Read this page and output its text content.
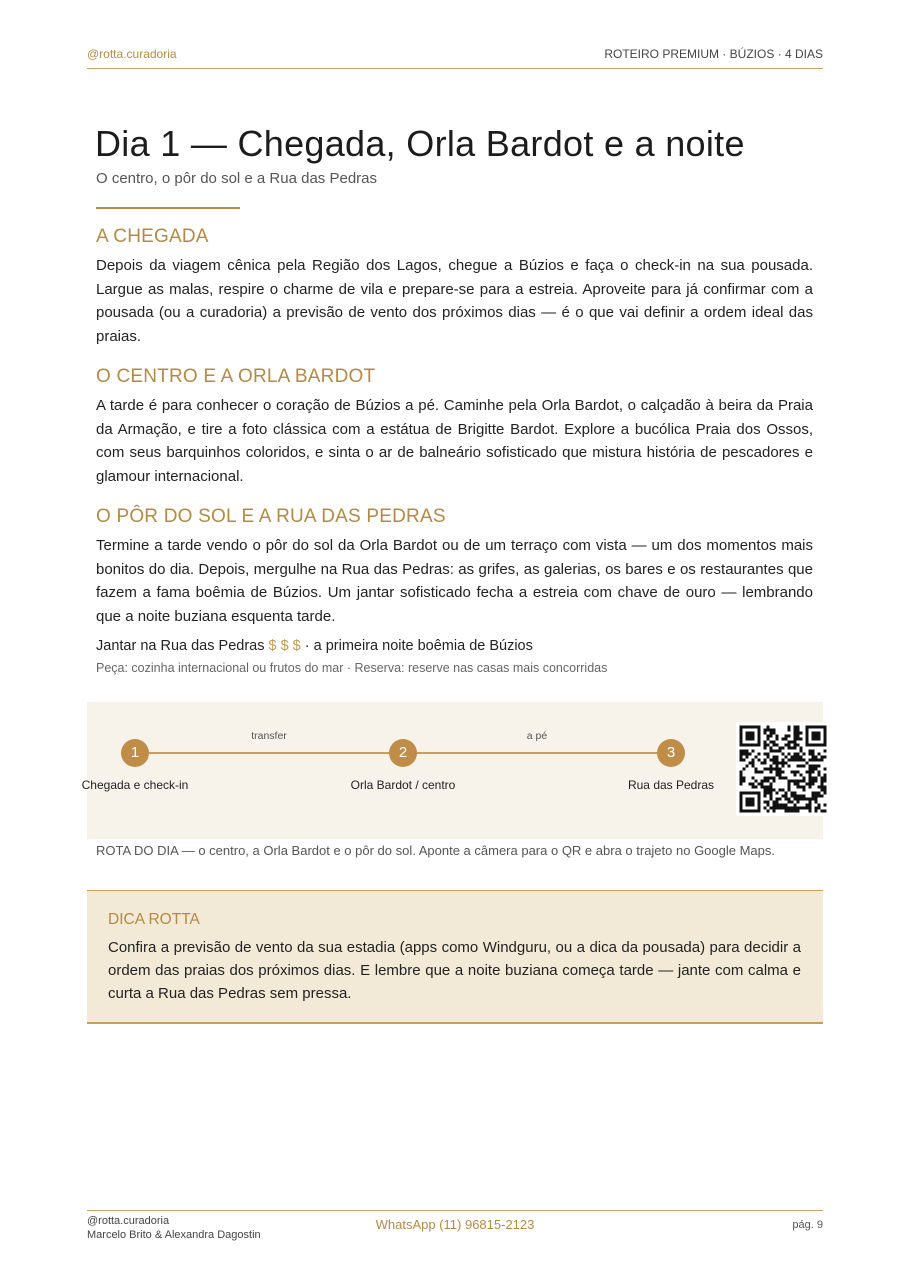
@rotta.curadoria	ROTEIRO PREMIUM · BÚZIOS · 4 DIAS
Dia 1 — Chegada, Orla Bardot e a noite
O centro, o pôr do sol e a Rua das Pedras
A CHEGADA

Depois da viagem cênica pela Região dos Lagos, chegue a Búzios e faça o check-in na sua pousada. Largue as malas, respire o charme de vila e prepare-se para a estreia. Aproveite para já confirmar com a pousada (ou a curadoria) a previsão de vento dos próximos dias — é o que vai definir a ordem ideal das praias.

O CENTRO E A ORLA BARDOT

A tarde é para conhecer o coração de Búzios a pé. Caminhe pela Orla Bardot, o calçadão à beira da Praia da Armação, e tire a foto clássica com a estátua de Brigitte Bardot. Explore a bucólica Praia dos Ossos, com seus barquinhos coloridos, e sinta o ar de balneário sofisticado que mistura história de pescadores e glamour internacional.

O PÔR DO SOL E A RUA DAS PEDRAS

Termine a tarde vendo o pôr do sol da Orla Bardot ou de um terraço com vista — um dos momentos mais bonitos do dia. Depois, mergulhe na Rua das Pedras: as grifes, as galerias, os bares e os restaurantes que fazem a fama boêmia de Búzios. Um jantar sofisticado fecha a estreia com chave de ouro — lembrando que a noite buziana esquenta tarde.

Jantar na Rua das Pedras $ $ $ · a primeira noite boêmia de Búzios
Peça: cozinha internacional ou frutos do mar · Reserva: reserve nas casas mais concorridas
transfer	a pé
1	2	3
Chegada e check-in	Orla Bardot / centro	Rua das Pedras
ROTA DO DIA — o centro, a Orla Bardot e o pôr do sol. Aponte a câmera para o QR e abra o trajeto no Google Maps.
DICA ROTTA

Confira a previsão de vento da sua estadia (apps como Windguru, ou a dica da pousada) para decidir a ordem das praias dos próximos dias. E lembre que a noite buziana começa tarde — jante com calma e curta a Rua das Pedras sem pressa.

@rotta.curadoria
Marcelo Brito & Alexandra Dagostin
WhatsApp (11) 96815-2123	pág. 9
